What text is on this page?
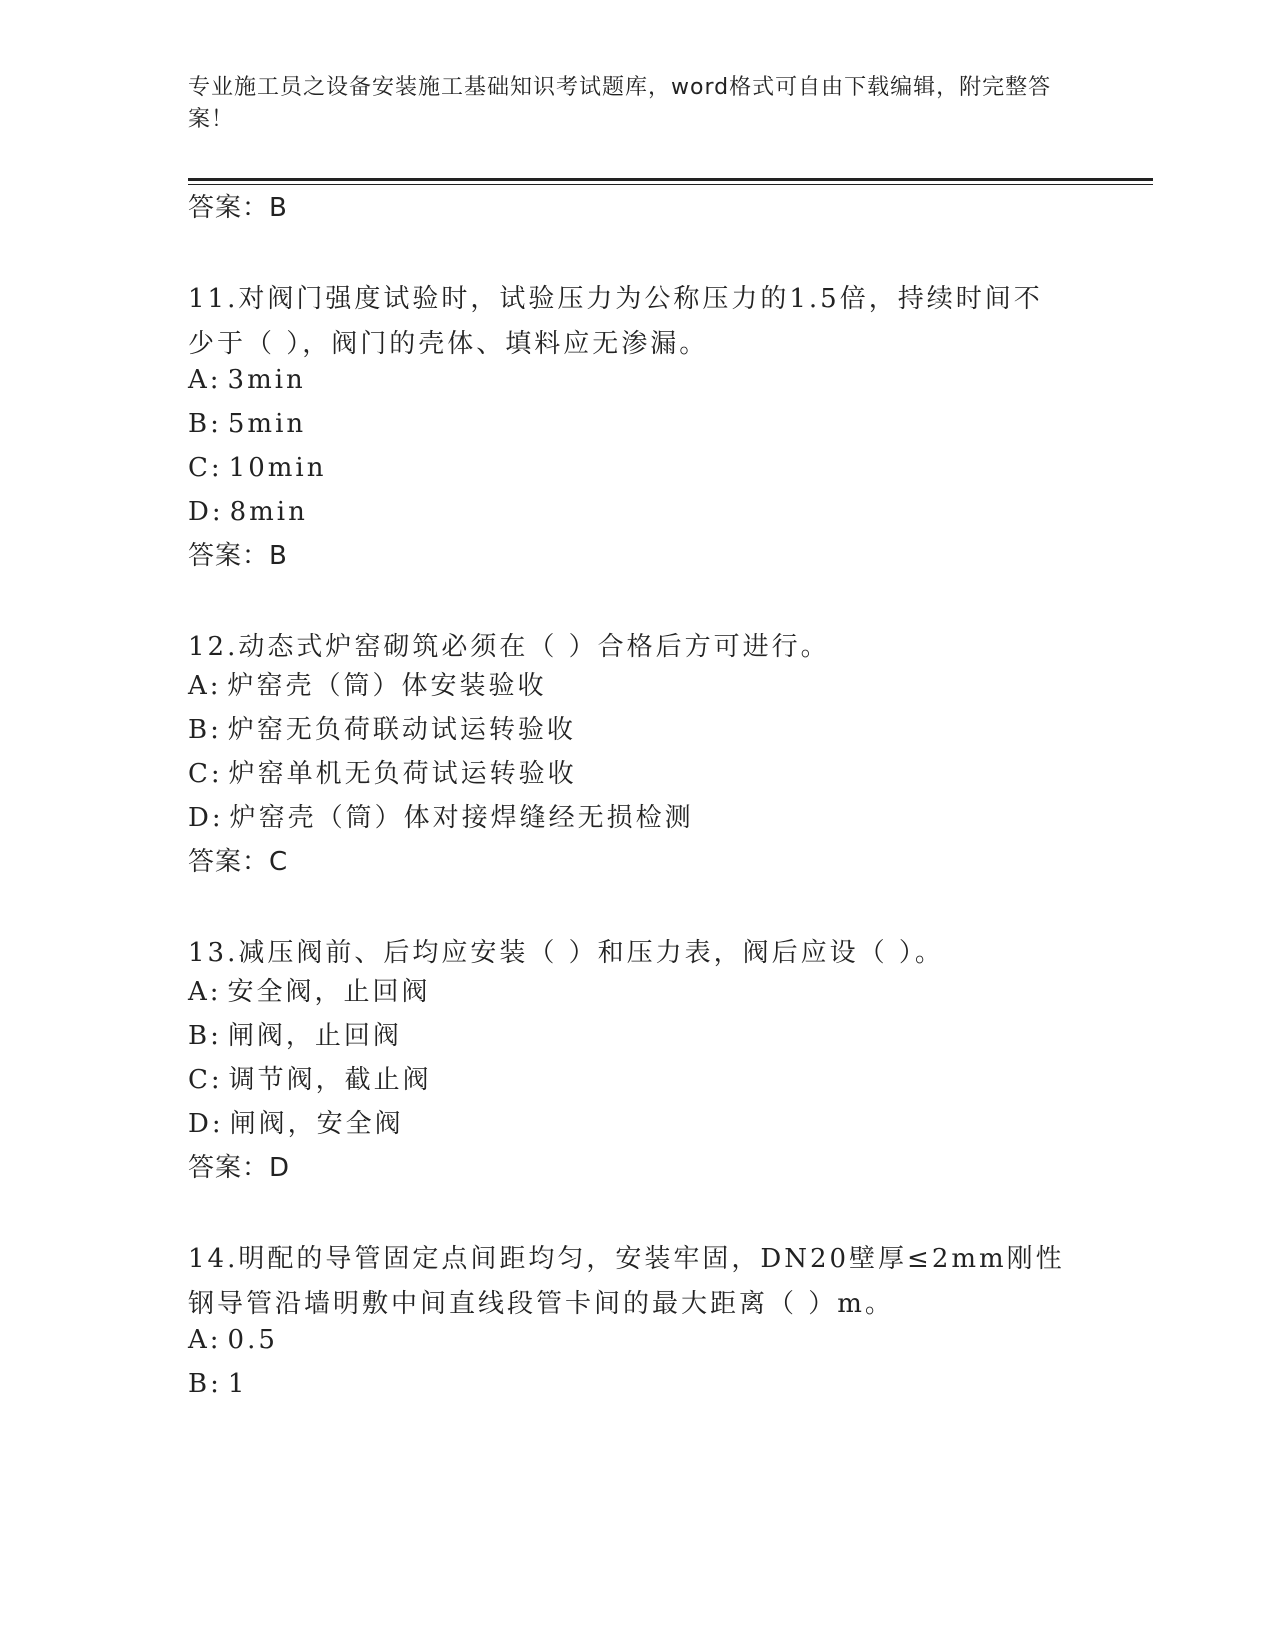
专业施工员之设备安装施工基础知识考试题库，word格式可自由下载编辑，附完整答案！
答案：B
11.对阀门强度试验时，试验压力为公称压力的1.5倍，持续时间不少于（ ），阀门的壳体、填料应无渗漏。
A: 3min
B: 5min
C: 10min
D: 8min
答案：B
12.动态式炉窑砌筑必须在（ ）合格后方可进行。
A: 炉窑壳（筒）体安装验收
B: 炉窑无负荷联动试运转验收
C: 炉窑单机无负荷试运转验收
D: 炉窑壳（筒）体对接焊缝经无损检测
答案：C
13.减压阀前、后均应安装（ ）和压力表，阀后应设（ ）。
A: 安全阀，止回阀
B: 闸阀，止回阀
C: 调节阀，截止阀
D: 闸阀，安全阀
答案：D
14.明配的导管固定点间距均匀，安装牢固，DN20壁厚≤2mm刚性钢导管沿墙明敷中间直线段管卡间的最大距离（ ）m。
A: 0.5
B: 1
